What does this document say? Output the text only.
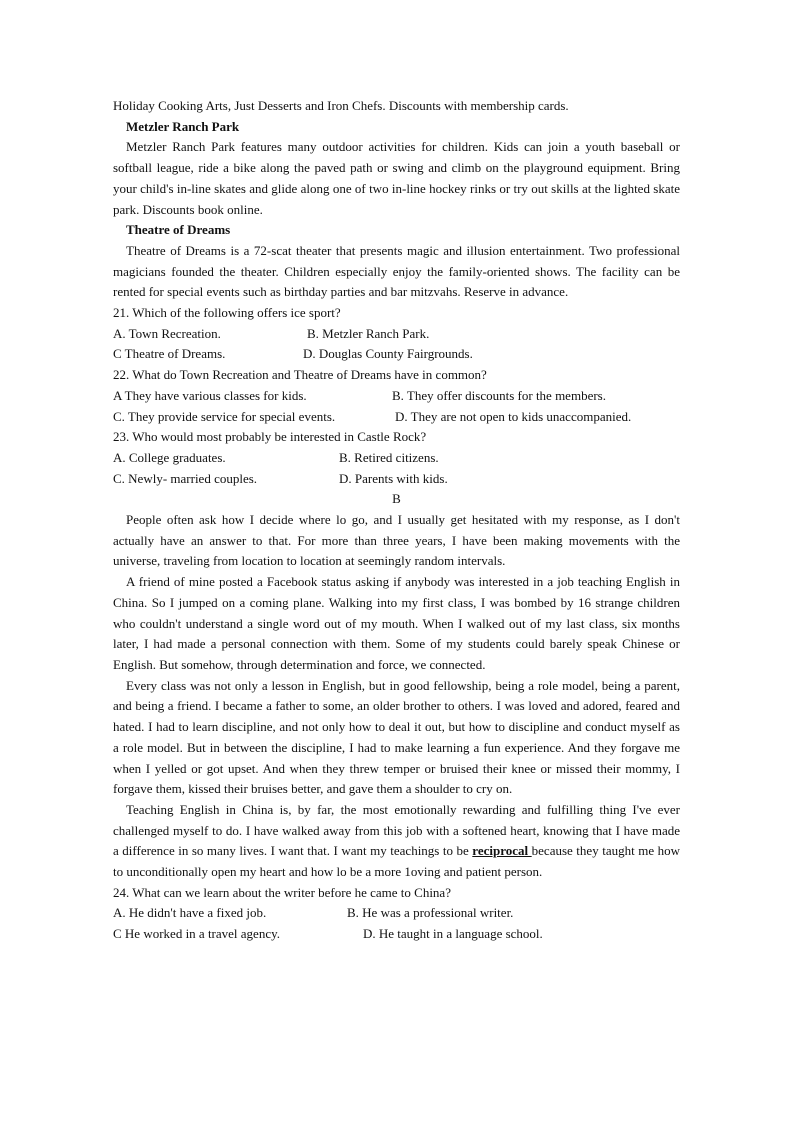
Holiday Cooking Arts, Just Desserts and Iron Chefs. Discounts with membership cards.
Metzler Ranch Park
Metzler Ranch Park features many outdoor activities for children. Kids can join a youth baseball or softball league, ride a bike along the paved path or swing and climb on the playground equipment. Bring your child's in-line skates and glide along one of two in-line hockey rinks or try out skills at the lighted skate park. Discounts book online.
Theatre of Dreams
Theatre of Dreams is a 72-scat theater that presents magic and illusion entertainment. Two professional magicians founded the theater. Children especially enjoy the family-oriented shows. The facility can be rented for special events such as birthday parties and bar mitzvahs. Reserve in advance.
21. Which of the following offers ice sport?
A. Town Recreation.	B. Metzler Ranch Park.
C Theatre of Dreams.	D. Douglas County Fairgrounds.
22. What do Town Recreation and Theatre of Dreams have in common?
A They have various classes for kids.	B. They offer discounts for the members.
C. They provide service for special events.	D. They are not open to kids unaccompanied.
23. Who would most probably be interested in Castle Rock?
A. College graduates.	B. Retired citizens.
C. Newly- married couples.	D. Parents with kids.
B
People often ask how I decide where lo go, and I usually get hesitated with my response, as I don't actually have an answer to that. For more than three years, I have been making movements with the universe, traveling from location to location at seemingly random intervals.
A friend of mine posted a Facebook status asking if anybody was interested in a job teaching English in China. So I jumped on a coming plane. Walking into my first class, I was bombed by 16 strange children who couldn't understand a single word out of my mouth. When I walked out of my last class, six months later, I had made a personal connection with them. Some of my students could barely speak Chinese or English. But somehow, through determination and force, we connected.
Every class was not only a lesson in English, but in good fellowship, being a role model, being a parent, and being a friend. I became a father to some, an older brother to others. I was loved and adored, feared and hated. I had to learn discipline, and not only how to deal it out, but how to discipline and conduct myself as a role model. But in between the discipline, I had to make learning a fun experience. And they forgave me when I yelled or got upset. And when they threw temper or bruised their knee or missed their mommy, I forgave them, kissed their bruises better, and gave them a shoulder to cry on.
Teaching English in China is, by far, the most emotionally rewarding and fulfilling thing I've ever challenged myself to do. I have walked away from this job with a softened heart, knowing that I have made a difference in so many lives. I want that. I want my teachings to be reciprocal because they taught me how to unconditionally open my heart and how lo be a more 1oving and patient person.
24. What can we learn about the writer before he came to China?
A. He didn't have a fixed job.	B. He was a professional writer.
C He worked in a travel agency.	D. He taught in a language school.
